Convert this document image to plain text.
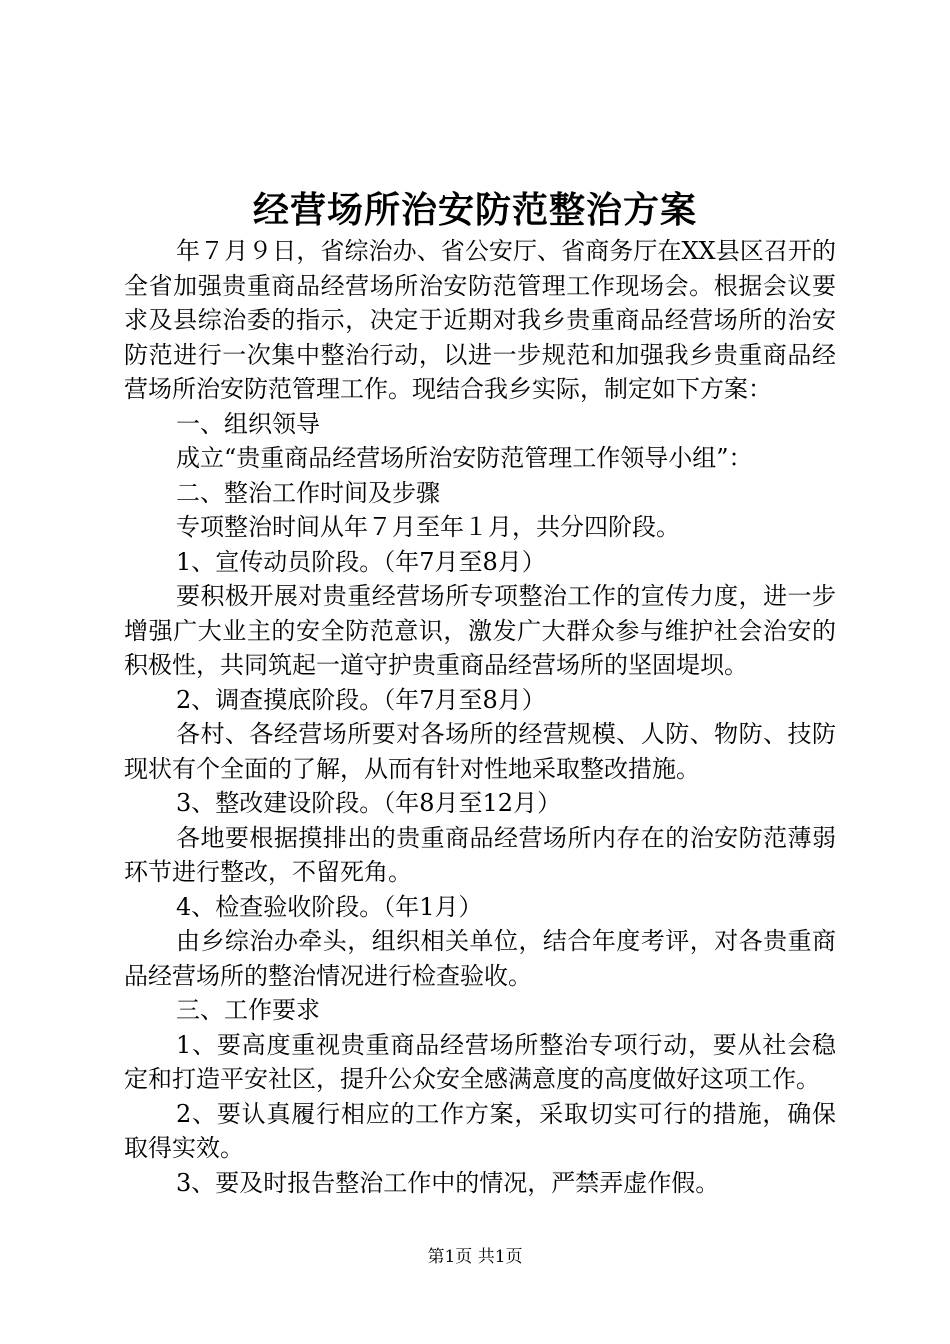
经营场所治安防范整治方案

年７月９日，省综治办、省公安厅、省商务厅在XX县区召开的全省加强贵重商品经营场所治安防范管理工作现场会。根据会议要求及县综治委的指示，决定于近期对我乡贵重商品经营场所的治安防范进行一次集中整治行动，以进一步规范和加强我乡贵重商品经营场所治安防范管理工作。现结合我乡实际，制定如下方案：

一、组织领导

成立“贵重商品经营场所治安防范管理工作领导小组”：

二、整治工作时间及步骤

专项整治时间从年７月至年１月，共分四阶段。

1、宣传动员阶段。（年7月至8月）

要积极开展对贵重经营场所专项整治工作的宣传力度，进一步增强广大业主的安全防范意识，激发广大群众参与维护社会治安的积极性，共同筑起一道守护贵重商品经营场所的坚固堤坝。

2、调查摸底阶段。（年7月至8月）

各村、各经营场所要对各场所的经营规模、人防、物防、技防现状有个全面的了解，从而有针对性地采取整改措施。

3、整改建设阶段。（年8月至12月）

各地要根据摸排出的贵重商品经营场所内存在的治安防范薄弱环节进行整改，不留死角。

4、检查验收阶段。（年1月）

由乡综治办牵头，组织相关单位，结合年度考评，对各贵重商品经营场所的整治情况进行检查验收。

三、工作要求

1、要高度重视贵重商品经营场所整治专项行动，要从社会稳定和打造平安社区，提升公众安全感满意度的高度做好这项工作。

2、要认真履行相应的工作方案，采取切实可行的措施，确保取得实效。

3、要及时报告整治工作中的情况，严禁弄虚作假。

第1页 共1页
